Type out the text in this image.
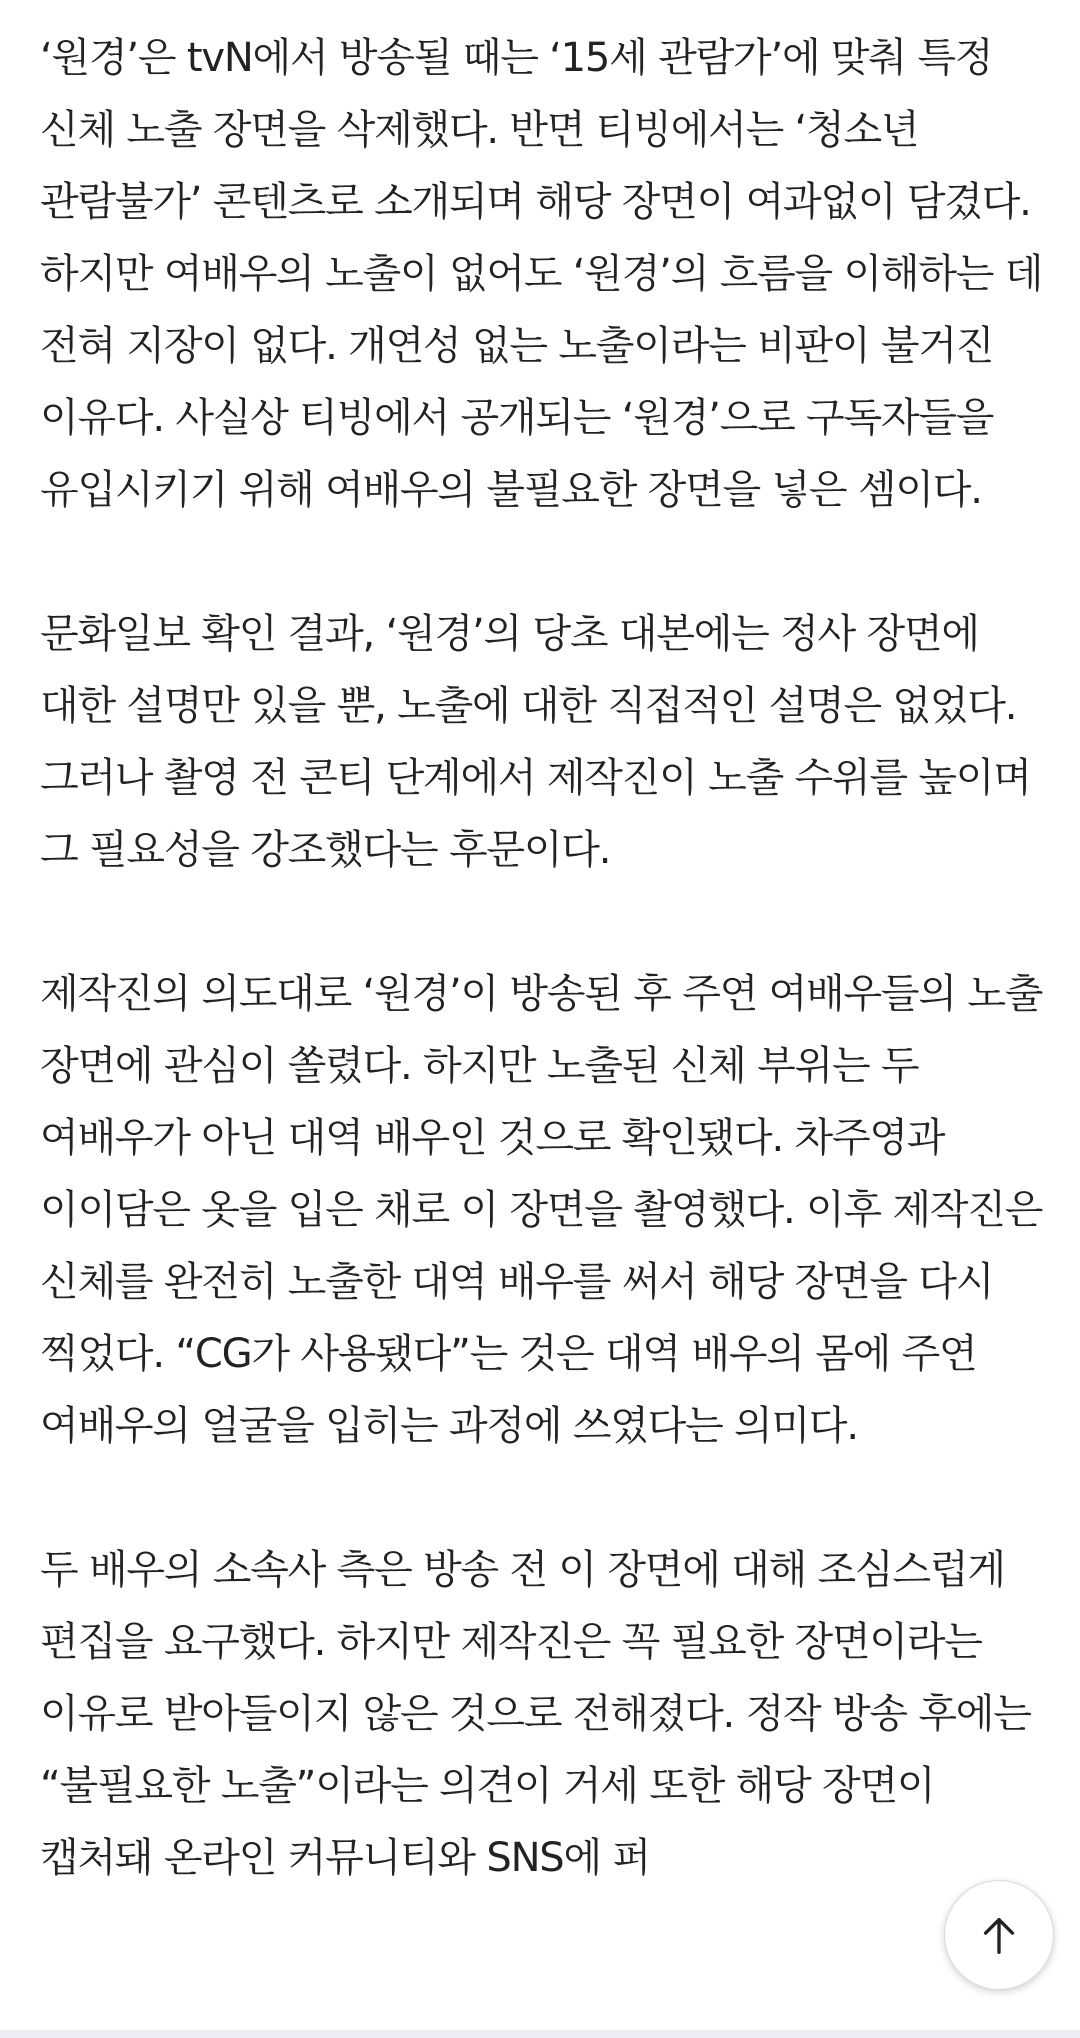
‘원경’은 tvN에서 방송될 때는 ‘15세 관람가’에 맞춰 특정 신체 노출 장면을 삭제했다. 반면 티빙에서는 ‘청소년 관람불가’ 콘텐츠로 소개되며 해당 장면이 여과없이 담겼다. 하지만 여배우의 노출이 없어도 ‘원경’의 흐름을 이해하는 데 전혀 지장이 없다. 개연성 없는 노출이라는 비판이 불거진 이유다. 사실상 티빙에서 공개되는 ‘원경’으로 구독자들을 유입시키기 위해 여배우의 불필요한 장면을 넣은 셈이다.

문화일보 확인 결과, ‘원경’의 당초 대본에는 정사 장면에 대한 설명만 있을 뿐, 노출에 대한 직접적인 설명은 없었다. 그러나 촬영 전 콘티 단계에서 제작진이 노출 수위를 높이며 그 필요성을 강조했다는 후문이다.

제작진의 의도대로 ‘원경’이 방송된 후 주연 여배우들의 노출 장면에 관심이 쏠렸다. 하지만 노출된 신체 부위는 두 여배우가 아닌 대역 배우인 것으로 확인됐다. 차주영과 이이담은 옷을 입은 채로 이 장면을 촬영했다. 이후 제작진은 신체를 완전히 노출한 대역 배우를 써서 해당 장면을 다시 찍었다. “CG가 사용됐다”는 것은 대역 배우의 몸에 주연 여배우의 얼굴을 입히는 과정에 쓰였다는 의미다.

두 배우의 소속사 측은 방송 전 이 장면에 대해 조심스럽게 편집을 요구했다. 하지만 제작진은 꼭 필요한 장면이라는 이유로 받아들이지 않은 것으로 전해졌다. 정작 방송 후에는 “불필요한 노출”이라는 의견이 거세 또한 해당 장면이 캡처돼 온라인 커뮤니티와 SNS에 퍼
